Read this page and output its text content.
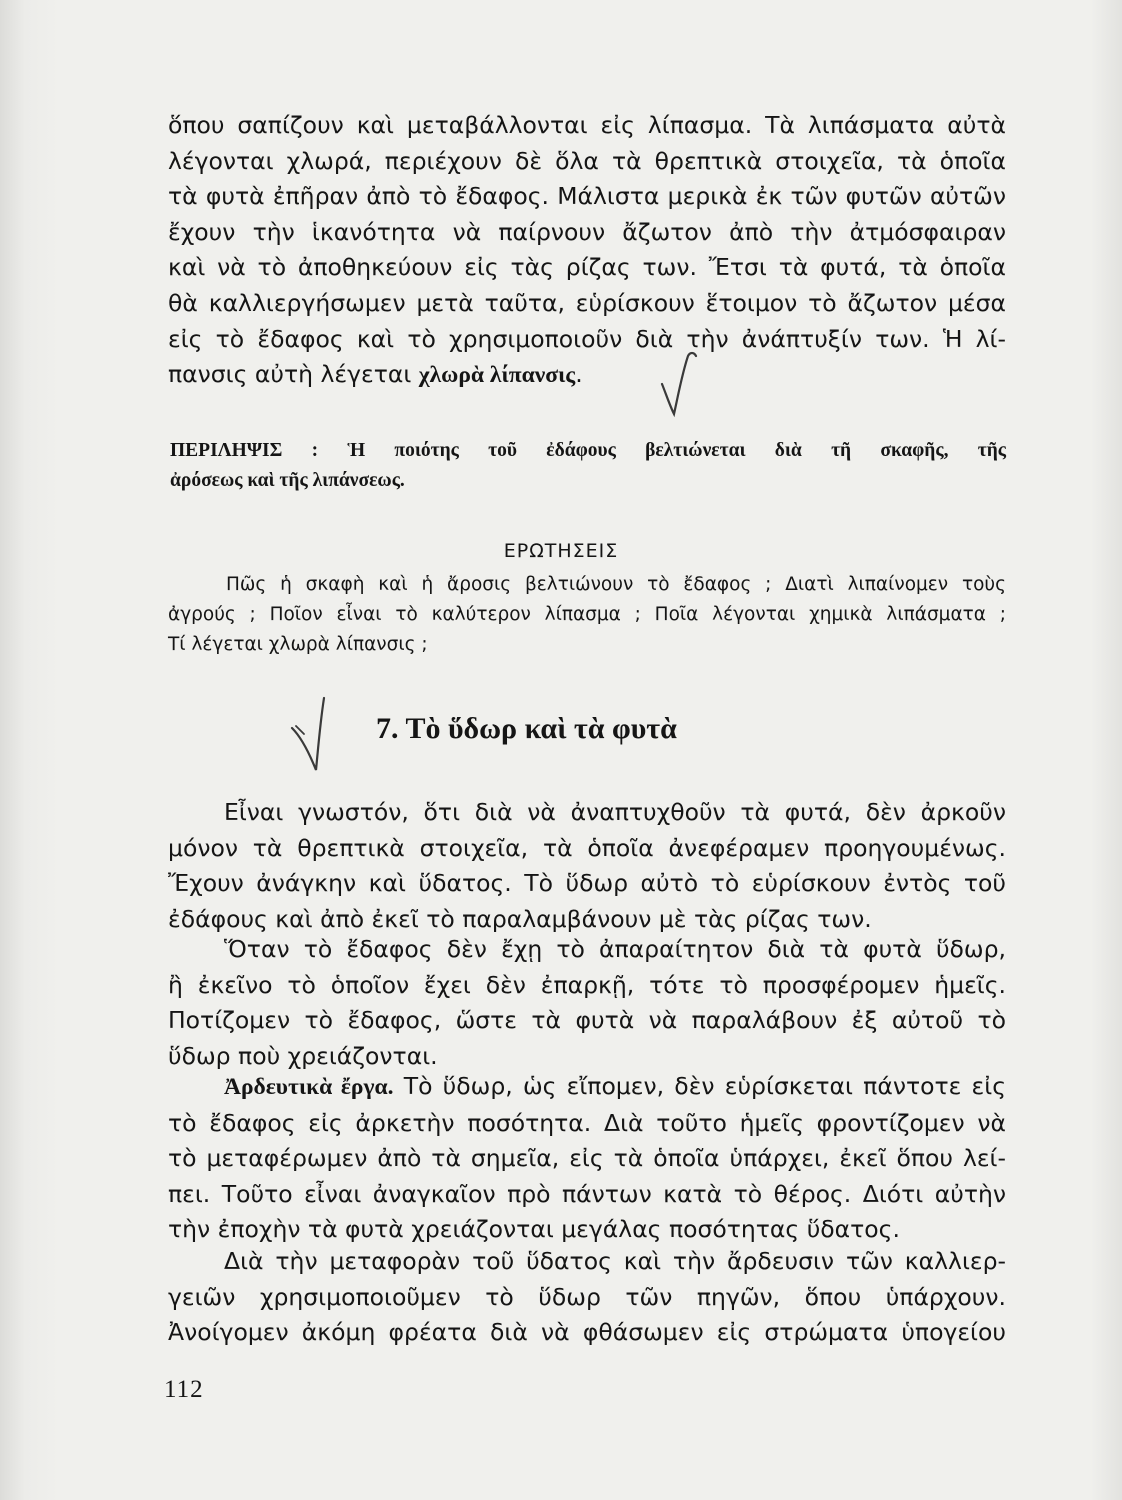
ὅπου σαπίζουν καὶ μεταβάλλονται εἰς λίπασμα. Τὰ λιπάσματα αὐτὰ
λέγονται χλωρά, περιέχουν δὲ ὅλα τὰ θρεπτικὰ στοιχεῖα, τὰ ὁποῖα
τὰ φυτὰ ἐπῆραν ἀπὸ τὸ ἔδαφος. Μάλιστα μερικὰ ἐκ τῶν φυτῶν αὐτῶν
ἔχουν τὴν ἱκανότητα νὰ παίρνουν ἄζωτον ἀπὸ τὴν ἀτμόσφαιραν
καὶ νὰ τὸ ἀποθηκεύουν εἰς τὰς ρίζας των. Ἔτσι τὰ φυτά, τὰ ὁποῖα
θὰ καλλιεργήσωμεν μετὰ ταῦτα, εὑρίσκουν ἕτοιμον τὸ ἄζωτον μέσα
εἰς τὸ ἔδαφος καὶ τὸ χρησιμοποιοῦν διὰ τὴν ἀνάπτυξίν των. Ἡ λί-
πανσις αὐτὴ λέγεται χλωρὰ λίπανσις.
ΠΕΡΙΛΗΨΙΣ : Ἡ ποιότης τοῦ ἐδάφους βελτιώνεται διὰ τῆ σκαφῆς, τῆς
ἀρόσεως καὶ τῆς λιπάνσεως.
ΕΡΩΤΗΣΕΙΣ
Πῶς ἡ σκαφὴ καὶ ἡ ἄροσις βελτιώνουν τὸ ἔδαφος ; Διατὶ λιπαίνομεν τοὺς
ἀγρούς ; Ποῖον εἶναι τὸ καλύτερον λίπασμα ; Ποῖα λέγονται χημικὰ λιπάσματα ;
Τί λέγεται χλωρὰ λίπανσις ;
7. Τὸ ὕδωρ καὶ τὰ φυτὰ
Εἶναι γνωστόν, ὅτι διὰ νὰ ἀναπτυχθοῦν τὰ φυτά, δὲν ἀρκοῦν
μόνον τὰ θρεπτικὰ στοιχεῖα, τὰ ὁποῖα ἀνεφέραμεν προηγουμένως.
Ἔχουν ἀνάγκην καὶ ὕδατος. Τὸ ὕδωρ αὐτὸ τὸ εὑρίσκουν ἐντὸς τοῦ
ἐδάφους καὶ ἀπὸ ἐκεῖ τὸ παραλαμβάνουν μὲ τὰς ρίζας των.
Ὅταν τὸ ἔδαφος δὲν ἔχῃ τὸ ἀπαραίτητον διὰ τὰ φυτὰ ὕδωρ,
ἢ ἐκεῖνο τὸ ὁποῖον ἔχει δὲν ἐπαρκῇ, τότε τὸ προσφέρομεν ἡμεῖς.
Ποτίζομεν τὸ ἔδαφος, ὥστε τὰ φυτὰ νὰ παραλάβουν ἐξ αὐτοῦ τὸ
ὕδωρ ποὺ χρειάζονται.
Ἀρδευτικὰ ἔργα. Τὸ ὕδωρ, ὡς εἴπομεν, δὲν εὑρίσκεται πάντοτε εἰς
τὸ ἔδαφος εἰς ἀρκετὴν ποσότητα. Διὰ τοῦτο ἡμεῖς φροντίζομεν νὰ
τὸ μεταφέρωμεν ἀπὸ τὰ σημεῖα, εἰς τὰ ὁποῖα ὑπάρχει, ἐκεῖ ὅπου λεί-
πει. Τοῦτο εἶναι ἀναγκαῖον πρὸ πάντων κατὰ τὸ θέρος. Διότι αὐτὴν
τὴν ἐποχὴν τὰ φυτὰ χρειάζονται μεγάλας ποσότητας ὕδατος.
Διὰ τὴν μεταφορὰν τοῦ ὕδατος καὶ τὴν ἄρδευσιν τῶν καλλιερ-
γειῶν χρησιμοποιοῦμεν τὸ ὕδωρ τῶν πηγῶν, ὅπου ὑπάρχουν.
Ἀνοίγομεν ἀκόμη φρέατα διὰ νὰ φθάσωμεν εἰς στρώματα ὑπογείου
112
